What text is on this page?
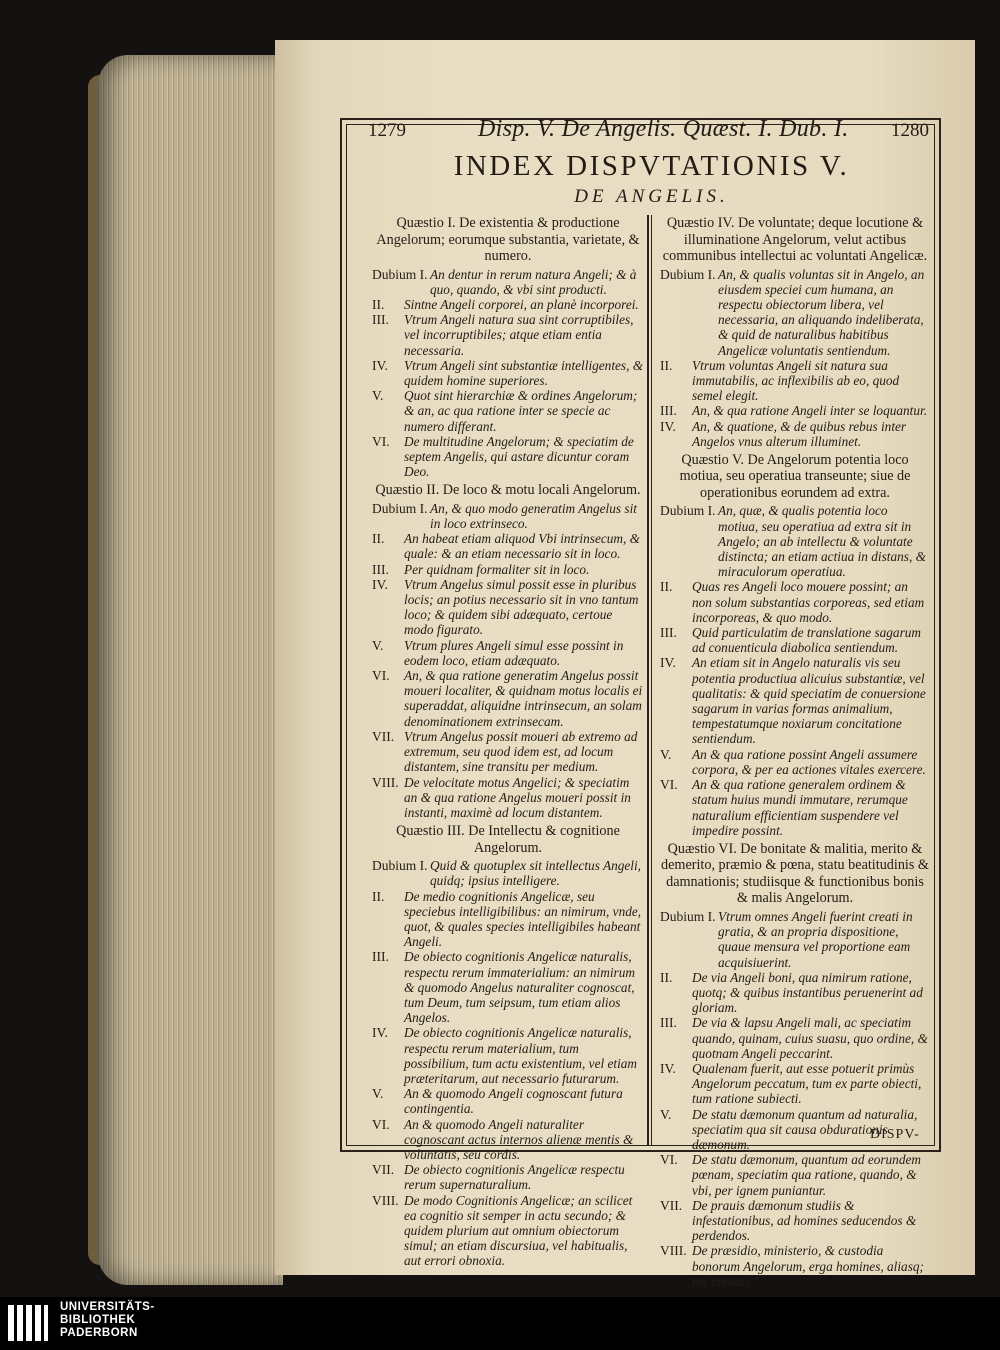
1279	Disp. V. De Angelis. Quæst. I. Dub. I. 1280
INDEX DISPVTATIONIS V.
DE ANGELIS.
Quæstio I. De existentia & productione Angelorum; eorumque substantia, varietate, & numero.
Dubium I. An dentur in rerum natura Angeli; & à quo, quando, & vbi sint producti.
II.	Sintne Angeli corporei, an planè incorporei.
III.	Vtrum Angeli natura sua sint corruptibiles, vel incorruptibiles; atque etiam entia necessaria.
IV.	Vtrum Angeli sint substantiæ intelligentes, & quidem homine superiores.
V.	Quot sint hierarchiæ & ordines Angelorum; & an, ac qua ratione inter se specie ac numero differant.
VI.	De multitudine Angelorum; & speciatim de septem Angelis, qui astare dicuntur coram Deo.
Quæstio II. De loco & motu locali Angelorum.
Dubium I. An, & quo modo generatim Angelus sit in loco extrinseco.
II.	An habeat etiam aliquod Vbi intrinsecum, & quale: & an etiam necessario sit in loco.
III.	Per quidnam formaliter sit in loco.
IV.	Vtrum Angelus simul possit esse in pluribus locis; an potius necessario sit in vno tantum loco; & quidem sibi adæquato, certoue modo figurato.
V.	Vtrum plures Angeli simul esse possint in eodem loco, etiam adæquato.
VI.	An, & qua ratione generatim Angelus possit moueri localiter, & quidnam motus localis ei superaddat, aliquidne intrinsecum, an solam denominationem extrinsecam.
VII. Vtrum Angelus possit moueri ab extremo ad extremum, seu quod idem est, ad locum distantem, sine transitu per medium.
VIII. De velocitate motus Angelici; & speciatim an & qua ratione Angelus moueri possit in instanti, maximè ad locum distantem.
Quæstio III. De Intellectu & cognitione Angelorum.
Dubium I. Quid & quotuplex sit intellectus Angeli, quidq; ipsius intelligere.
II.	De medio cognitionis Angelicæ, seu speciebus intelligibilibus: an nimirum, vnde, quot, & quales species intelligibiles habeant Angeli.
III.	De obiecto cognitionis Angelicæ naturalis, respectu rerum immaterialium: an nimirum & quomodo Angelus naturaliter cognoscat, tum Deum, tum seipsum, tum etiam alios Angelos.
IV.	De obiecto cognitionis Angelicæ naturalis, respectu rerum materialium, tum possibilium, tum actu existentium, vel etiam præteritarum, aut necessario futurarum.
V.	An & quomodo Angeli cognoscant futura contingentia.
VI.	An & quomodo Angeli naturaliter cognoscant actus internos alienæ mentis & voluntatis, seu cordis.
VII. De obiecto cognitionis Angelicæ respectu rerum supernaturalium.
VIII. De modo Cognitionis Angelicæ; an scilicet ea cognitio sit semper in actu secundo; & quidem plurium aut omnium obiectorum simul; an etiam discursiua, vel habitualis, aut errori obnoxia.
Quæstio IV. De voluntate; deque locutione & illuminatione Angelorum, velut actibus communibus intellectui ac voluntati Angelicæ.
Dubium I. An, & qualis voluntas sit in Angelo, an eiusdem speciei cum humana, an respectu obiectorum libera, vel necessaria, an aliquando indeliberata, & quid de naturalibus habitibus Angelicæ voluntatis sentiendum.
II.	Vtrum voluntas Angeli sit natura sua immutabilis, ac inflexibilis ab eo, quod semel elegit.
III.	An, & qua ratione Angeli inter se loquantur.
IV.	An, & quatione, & de quibus rebus inter Angelos vnus alterum illuminet.
Quæstio V. De Angelorum potentia loco motiua, seu operatiua transeunte; siue de operationibus eorundem ad extra.
Dubium I. An, quæ, & qualis potentia loco motiua, seu operatiua ad extra sit in Angelo; an ab intellectu & voluntate distincta; an etiam actiua in distans, & miraculorum operatiua.
II.	Quas res Angeli loco mouere possint; an non solum substantias corporeas, sed etiam incorporeas, & quo modo.
III.	Quid particulatim de translatione sagarum ad conuenticula diabolica sentiendum.
IV.	An etiam sit in Angelo naturalis vis seu potentia productiua alicuius substantiæ, vel qualitatis: & quid speciatim de conuersione sagarum in varias formas animalium, tempestatumque noxiarum concitatione sentiendum.
V.	An & qua ratione possint Angeli assumere corpora, & per ea actiones vitales exercere.
VI.	An & qua ratione generalem ordinem & statum huius mundi immutare, rerumque naturalium efficientiam suspendere vel impedire possint.
Quæstio VI. De bonitate & malitia, merito & demerito, præmio & pœna, statu beatitudinis & damnationis; studiisque & functionibus bonis & malis Angelorum.
Dubium I. Vtrum omnes Angeli fuerint creati in gratia, & an propria dispositione, quaue mensura vel proportione eam acquisiuerint.
II.	De via Angeli boni, qua nimirum ratione, quotq; & quibus instantibus peruenerint ad gloriam.
III.	De via & lapsu Angeli mali, ac speciatim quando, quinam, cuius suasu, quo ordine, & quotnam Angeli peccarint.
IV.	Qualenam fuerit, aut esse potuerit primùs Angelorum peccatum, tum ex parte obiecti, tum ratione subiecti.
V.	De statu dæmonum quantum ad naturalia, speciatim qua sit causa obdurationis dæmonum.
VI.	De statu dæmonum, quantum ad eorundem pœnam, speciatim qua ratione, quando, & vbi, per ignem puniantur.
VII. De prauis dæmonum studiis & infestationibus, ad homines seducendos & perdendos.
VIII. De præsidio, ministerio, & custodia bonorum Angelorum, erga homines, aliasq; res creatas.
DISPV-
UNIVERSITÄTS-
BIBLIOTHEK
PADERBORN
